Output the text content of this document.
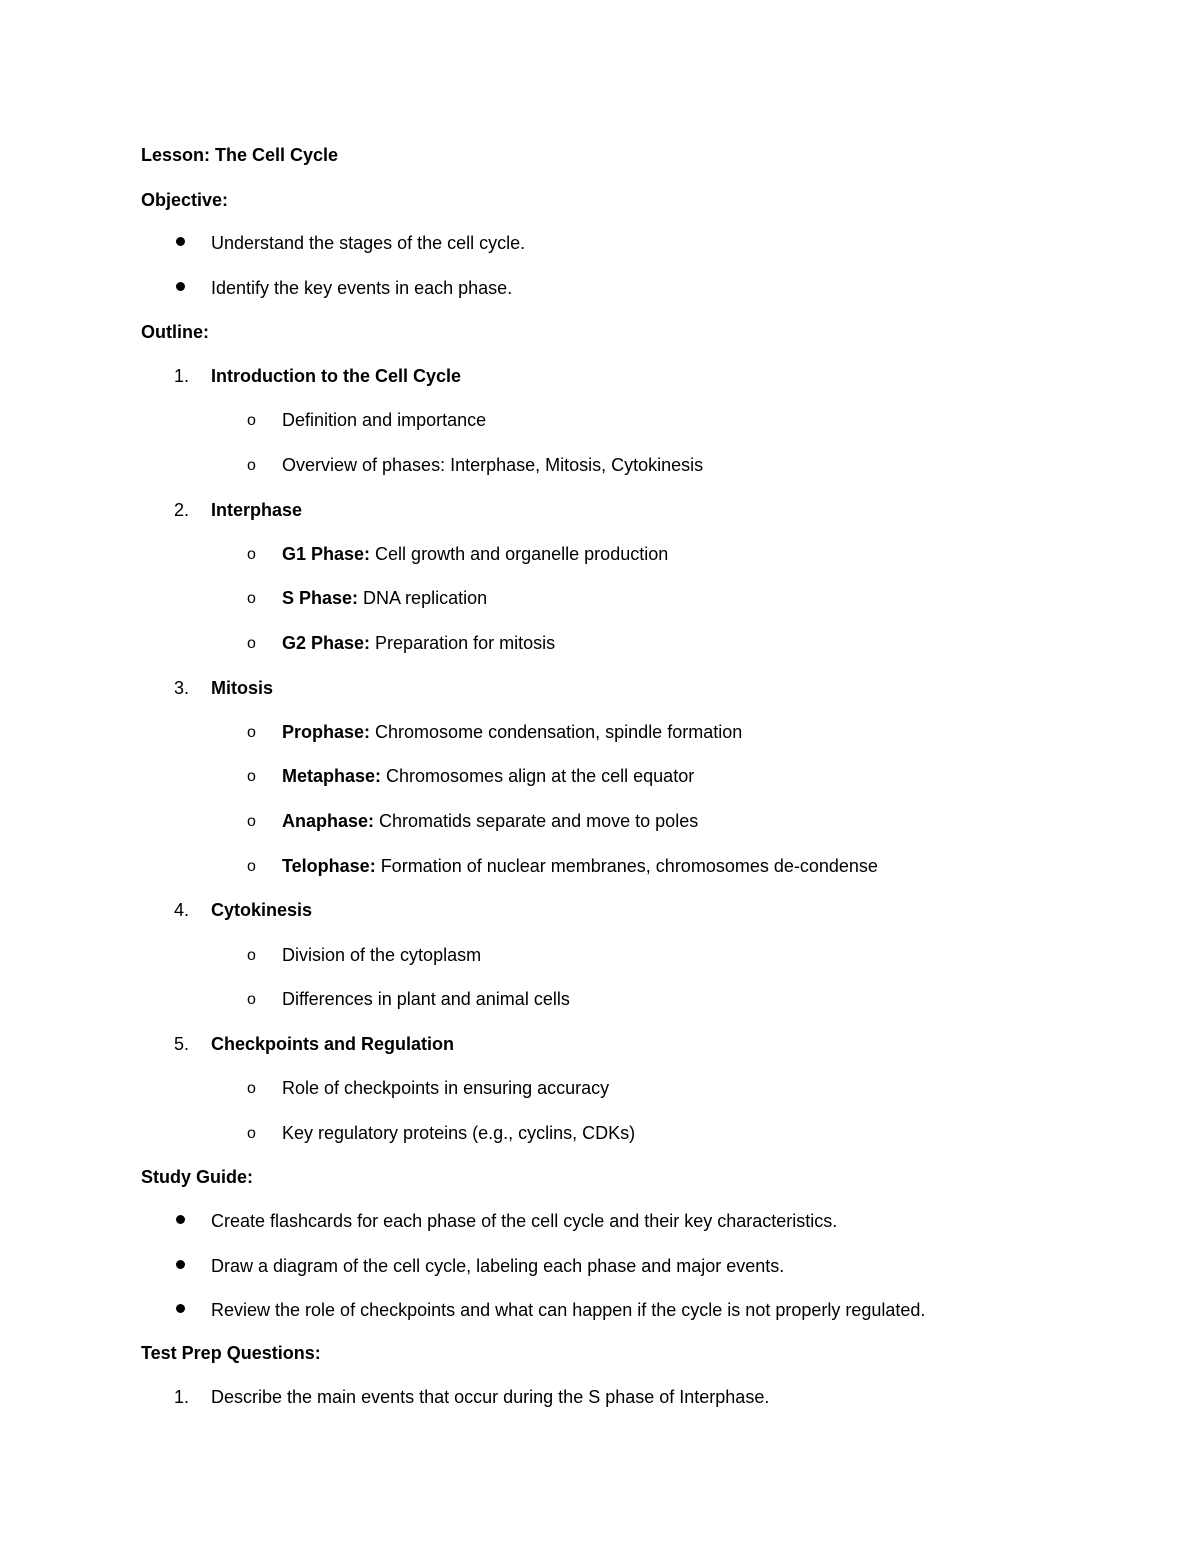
Lesson: The Cell Cycle
Objective:
Understand the stages of the cell cycle.
Identify the key events in each phase.
Outline:
1. Introduction to the Cell Cycle
o Definition and importance
o Overview of phases: Interphase, Mitosis, Cytokinesis
2. Interphase
o G1 Phase: Cell growth and organelle production
o S Phase: DNA replication
o G2 Phase: Preparation for mitosis
3. Mitosis
o Prophase: Chromosome condensation, spindle formation
o Metaphase: Chromosomes align at the cell equator
o Anaphase: Chromatids separate and move to poles
o Telophase: Formation of nuclear membranes, chromosomes de-condense
4. Cytokinesis
o Division of the cytoplasm
o Differences in plant and animal cells
5. Checkpoints and Regulation
o Role of checkpoints in ensuring accuracy
o Key regulatory proteins (e.g., cyclins, CDKs)
Study Guide:
Create flashcards for each phase of the cell cycle and their key characteristics.
Draw a diagram of the cell cycle, labeling each phase and major events.
Review the role of checkpoints and what can happen if the cycle is not properly regulated.
Test Prep Questions:
1. Describe the main events that occur during the S phase of Interphase.
